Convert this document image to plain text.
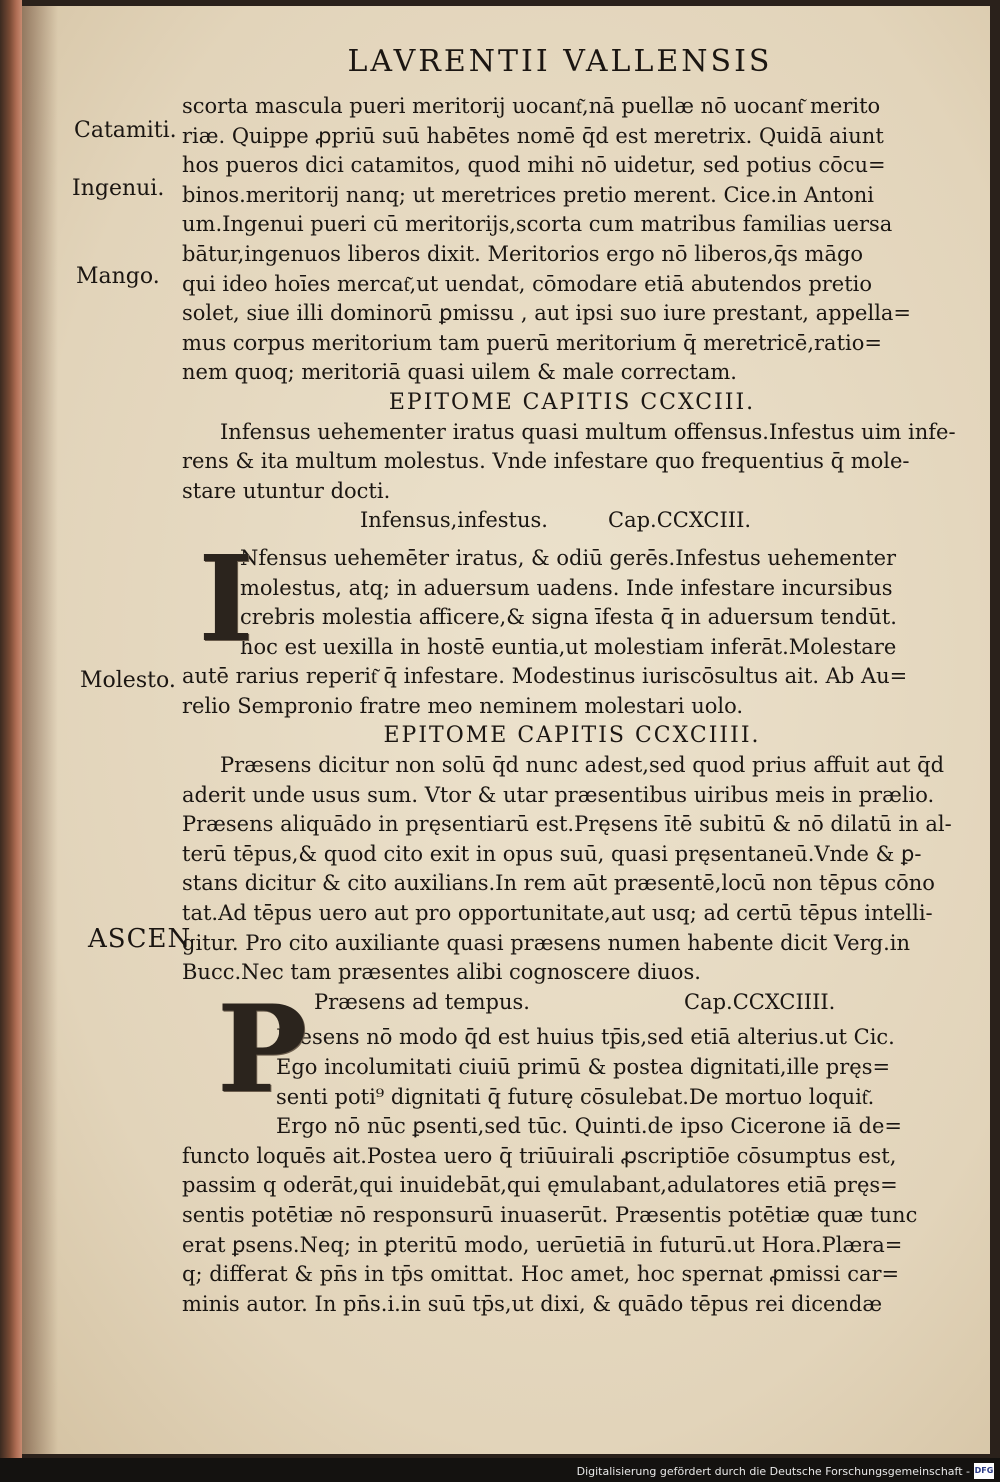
LAVRENTII VALLENSIS
Catamiti.
Ingenui.
Mango.
Molesto.
ASCEN
scorta mascula pueri meritorij uocant͂,nā puellæ nō uocant͂ merito
riæ. Quippe ꝓpriū suū habētes nomē q̄d est meretrix. Quidā aiunt
hos pueros dici catamitos, quod mihi nō uidetur, sed potius cōcu=
binos.meritorij nanq; ut meretrices pretio merent. Cice.in Antoni
um.Ingenui pueri cū meritorijs,scorta cum matribus familias uersa
bātur,ingenuos liberos dixit. Meritorios ergo nō liberos,q̄s māgo
qui ideo hoīes mercat͂,ut uendat, cōmodare etiā abutendos pretio
solet, siue illi dominorū ꝑmissu , aut ipsi suo iure prestant, appella=
mus corpus meritorium tam puerū meritorium q̄ meretricē,ratio=
nem quoq; meritoriā quasi uilem & male correctam.
EPITOME CAPITIS CCXCIII.
Infensus uehementer iratus quasi multum offensus.Infestus uim infe-
rens & ita multum molestus. Vnde infestare quo frequentius q̄ mole-
stare utuntur docti.
Infensus,infestus.	Cap.CCXCIII.
Nfensus uehemēter iratus, & odiū gerēs.Infestus uehementer
molestus, atq; in aduersum uadens. Inde infestare incursibus
crebris molestia afficere,& signa īfesta q̄ in aduersum tendūt.
hoc est uexilla in hostē euntia,ut molestiam inferāt.Molestare
autē rarius reperit͂ q̄ infestare. Modestinus iuriscōsultus ait. Ab Au=
relio Sempronio fratre meo neminem molestari uolo.
EPITOME CAPITIS CCXCIIII.
Præsens dicitur non solū q̄d nunc adest,sed quod prius affuit aut q̄d
aderit unde usus sum. Vtor & utar præsentibus uiribus meis in prælio.
Præsens aliquādo in pręsentiarū est.Pręsens ītē subitū & nō dilatū in al-
terū tēpus,& quod cito exit in opus suū, quasi pręsentaneū.Vnde & ꝑ-
stans dicitur & cito auxilians.In rem aūt præsentē,locū non tēpus cōno
tat.Ad tēpus uero aut pro opportunitate,aut usq; ad certū tēpus intelli-
gitur. Pro cito auxiliante quasi præsens numen habente dicit Verg.in
Bucc.Nec tam præsentes alibi cognoscere diuos.
Præsens ad tempus.	Cap.CCXCIIII.
Ræsens nō modo q̄d est huius tp̄is,sed etiā alterius.ut Cic.
Ego incolumitati ciuiū primū & postea dignitati,ille pręs=
senti poti⁹ dignitati q̄ futurę cōsulebat.De mortuo loquit͂.
Ergo nō nūc ꝑsenti,sed tūc. Quinti.de ipso Cicerone iā de=
functo loquēs ait.Postea uero q̄ triūuirali ꝓscriptiōe cōsumptus est,
passim q oderāt,qui inuidebāt,qui ęmulabant,adulatores etiā pręs=
sentis potētiæ nō responsurū inuaserūt. Præsentis potētiæ quæ tunc
erat ꝑsens.Neq; in ꝑteritū modo, uerūetiā in futurū.ut Hora.Plæra=
q; differat & pn̄s in tp̄s omittat. Hoc amet, hoc spernat ꝓmissi car=
minis autor. In pn̄s.i.in suū tp̄s,ut dixi, & quādo tēpus rei dicendæ
I
P
Digitalisierung gefördert durch die Deutsche Forschungsgemeinschaft - DFG
